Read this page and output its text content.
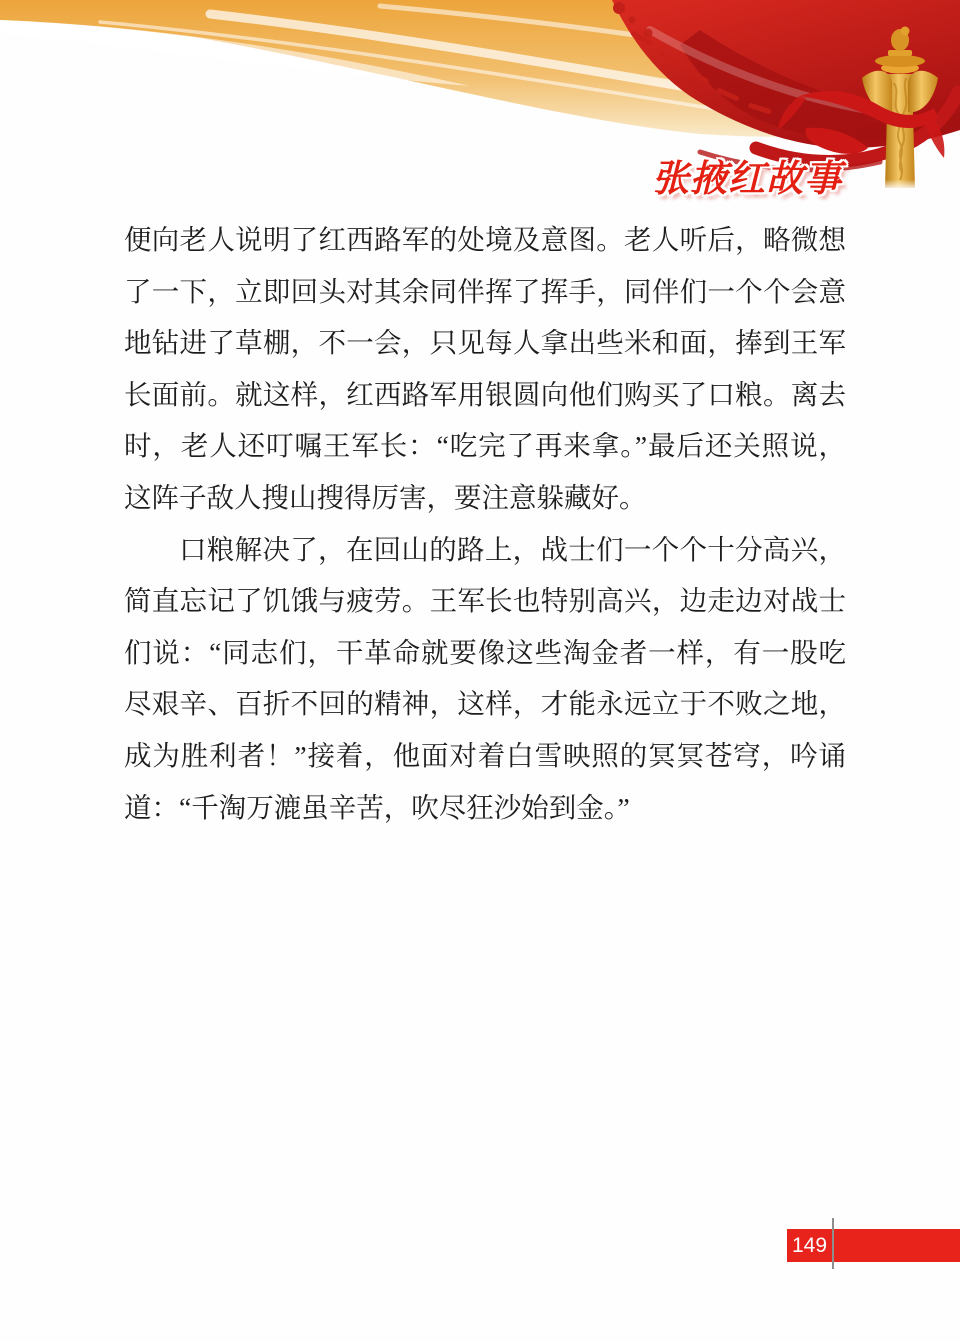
张掖红故事
便向老人说明了红西路军的处境及意图。老人听后，略微想
了一下，立即回头对其余同伴挥了挥手，同伴们一个个会意
地钻进了草棚，不一会，只见每人拿出些米和面，捧到王军
长面前。就这样，红西路军用银圆向他们购买了口粮。离去
时，老人还叮嘱王军长：“吃完了再来拿。”最后还关照说，
这阵子敌人搜山搜得厉害，要注意躲藏好。
口粮解决了，在回山的路上，战士们一个个十分高兴，
简直忘记了饥饿与疲劳。王军长也特别高兴，边走边对战士
们说：“同志们，干革命就要像这些淘金者一样，有一股吃
尽艰辛、百折不回的精神，这样，才能永远立于不败之地，
成为胜利者！”接着，他面对着白雪映照的冥冥苍穹，吟诵
道：“千淘万漉虽辛苦，吹尽狂沙始到金。”
149
